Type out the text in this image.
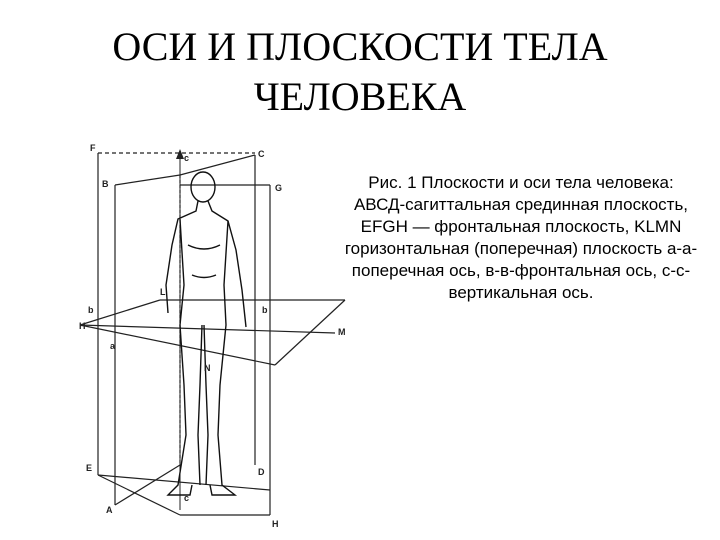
ОСИ И ПЛОСКОСТИ ТЕЛА
ЧЕЛОВЕКА
F
C
B	G
c
L
b	b
H
M
a
N
E	D
c
A
H
Рис. 1 Плоскости и оси тела человека:
АВСД-сагиттальная срединная плоскость,
EFGH — фронтальная плоскость, KLMN
горизонтальная (поперечная) плоскость а-а-
поперечная ось, в-в-фронтальная ось, с-с-
вертикальная ось.
